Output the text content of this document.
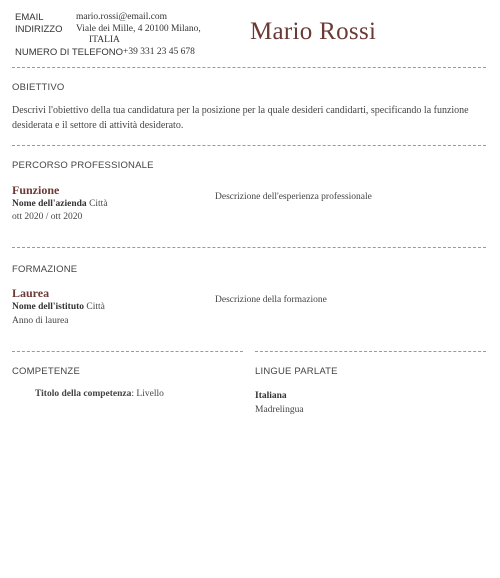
EMAIL	mario.rossi@email.com
INDIRIZZO Viale dei Mille, 4 20100 Milano,
ITALIA
NUMERO DI TELEFONO +39 331 23 45 678
Mario Rossi
OBIETTIVO
Descrivi l'obiettivo della tua candidatura per la posizione per la quale desideri candidarti, specificando la funzione desiderata e il settore di attività desiderato.
PERCORSO PROFESSIONALE
Funzione
Nome dell'azienda Città
ott 2020 / ott 2020
Descrizione dell'esperienza professionale
FORMAZIONE
Laurea
Nome dell'istituto Città
Anno di laurea
Descrizione della formazione
COMPETENZE
Titolo della competenza: Livello
LINGUE PARLATE
Italiana
Madrelingua
